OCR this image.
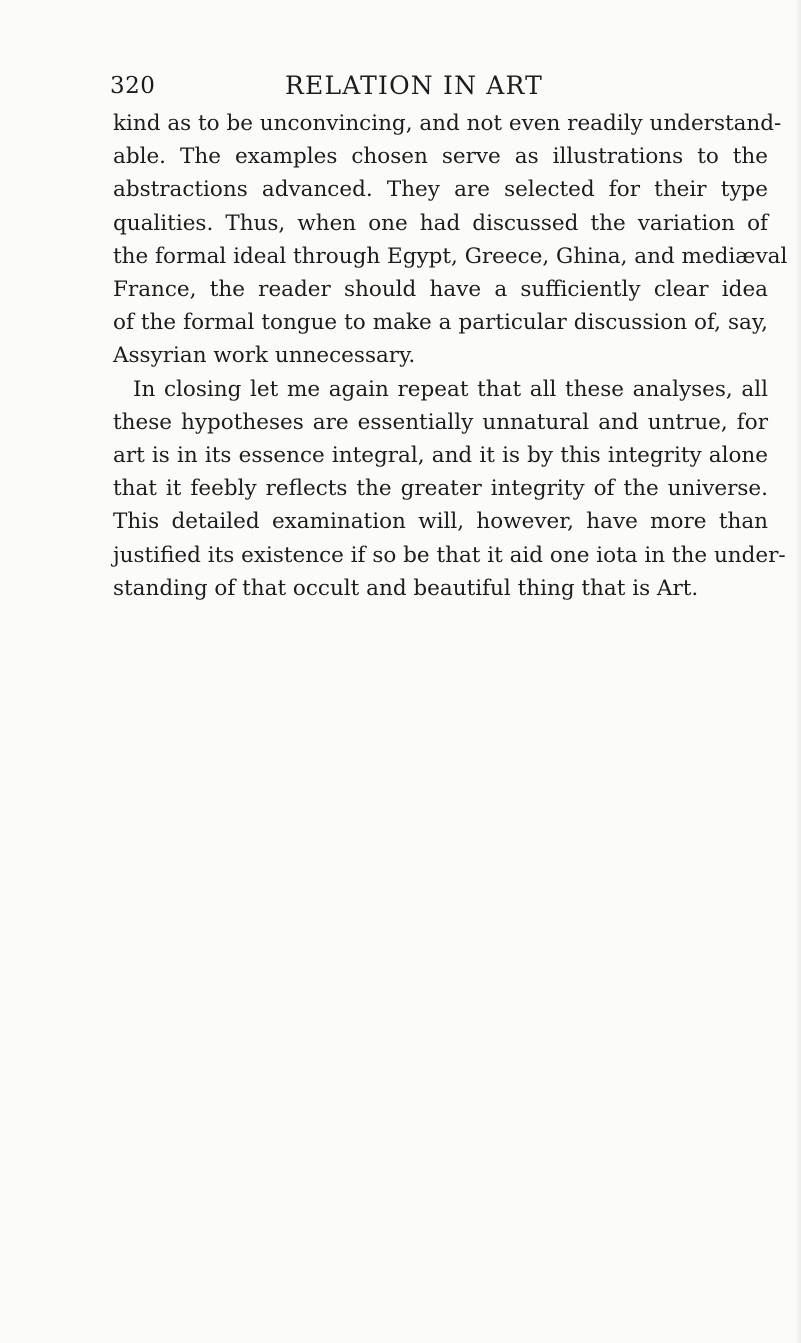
320	RELATION IN ART
kind as to be unconvincing, and not even readily understand-
able. The examples chosen serve as illustrations to the
abstractions advanced. They are selected for their type
qualities. Thus, when one had discussed the variation of
the formal ideal through Egypt, Greece, Ghina, and mediæval
France, the reader should have a sufficiently clear idea
of the formal tongue to make a particular discussion of, say,
Assyrian work unnecessary.
In closing let me again repeat that all these analyses, all
these hypotheses are essentially unnatural and untrue, for
art is in its essence integral, and it is by this integrity alone
that it feebly reflects the greater integrity of the universe.
This detailed examination will, however, have more than
justified its existence if so be that it aid one iota in the under-
standing of that occult and beautiful thing that is Art.
